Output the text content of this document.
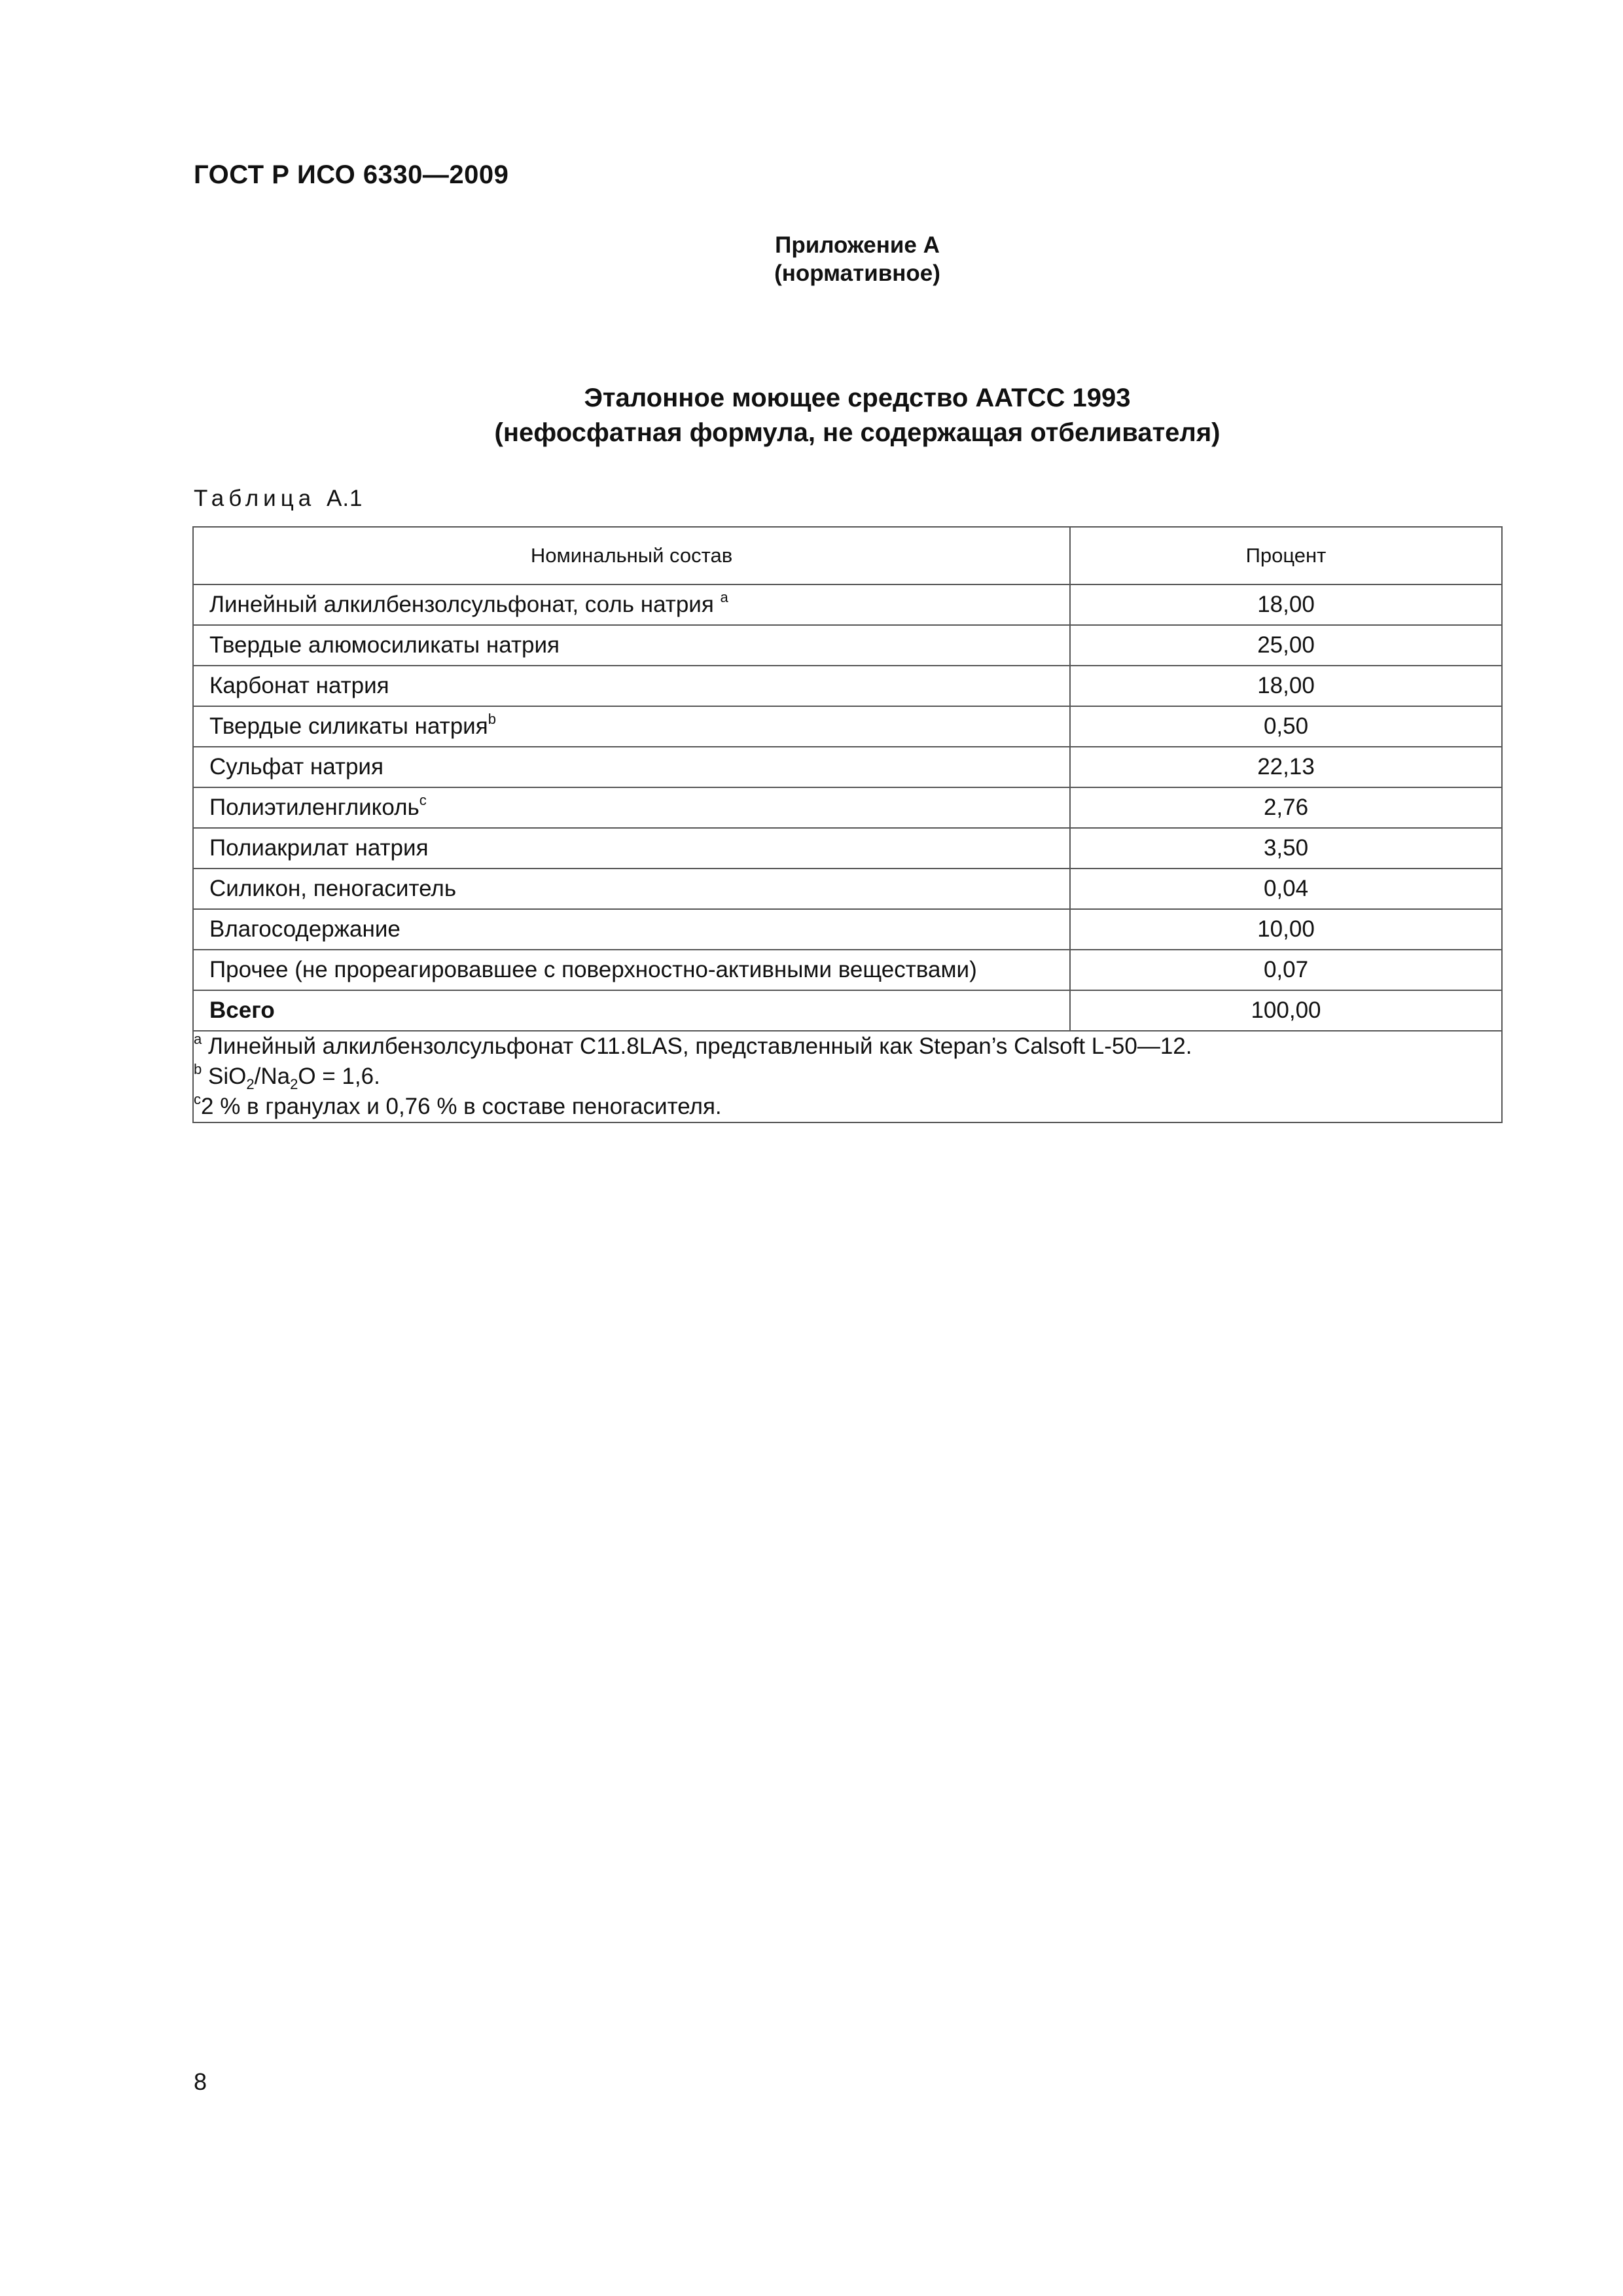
ГОСТ Р ИСО 6330—2009
Приложение А
(нормативное)
Эталонное моющее средство AATCC 1993
(нефосфатная формула, не содержащая отбеливателя)
Таблица А.1
Номинальный состав	Процент
Линейный алкилбензолсульфонат, соль натрия $^a$	18,00
Твердые алюмосиликаты натрия	25,00
Карбонат натрия	18,00
Твердые силикаты натрия$^b$	0,50
Сульфат натрия	22,13
Полиэтиленгликоль$^c$	2,76
Полиакрилат натрия	3,50
Силикон, пеногаситель	0,04
Влагосодержание	10,00
Прочее (не прореагировавшее с поверхностно-активными веществами)	0,07
Всего	100,00

$^a$ Линейный алкилбензолсульфонат C11.8LAS, представленный как Stepan’s Calsoft L-50—12.
$^b$ $SiO_2/Na_2O = 1,6$.
$^c$2 % в гранулах и 0,76 % в составе пеногасителя.	
8
